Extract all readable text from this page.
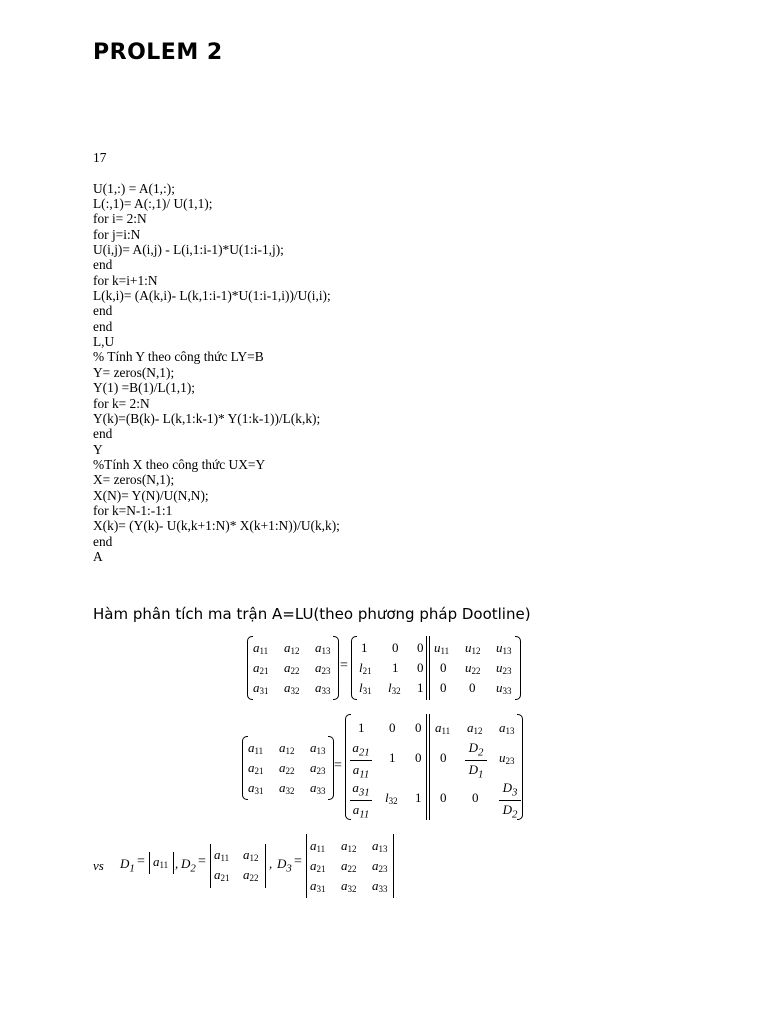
PROLEM 2
17
U(1,:) = A(1,:);
L(:,1)= A(:,1)/ U(1,1);
for i= 2:N
for j=i:N
U(i,j)= A(i,j) - L(i,1:i-1)*U(1:i-1,j);
end
for k=i+1:N
L(k,i)= (A(k,i)- L(k,1:i-1)*U(1:i-1,i))/U(i,i);
end
end
L,U
% Tính Y theo công thức LY=B
Y= zeros(N,1);
Y(1) =B(1)/L(1,1);
for k= 2:N
Y(k)=(B(k)- L(k,1:k-1)* Y(1:k-1))/L(k,k);
end
Y
%Tính X theo công thức UX=Y
X= zeros(N,1);
X(N)= Y(N)/U(N,N);
for k=N-1:-1:1
X(k)= (Y(k)- U(k,k+1:N)* X(k+1:N))/U(k,k);
end
A
Hàm phân tích ma trận A=LU(theo phương pháp Dootline)
$a_{11}$ $a_{12}$ $a_{13}$
$a_{21}$ $a_{22}$ $a_{23}$
$a_{31}$ $a_{32}$ $a_{33}$
=
1 0 0
$l_{21}$ 1 0
$l_{31}$ $l_{32}$ 1
$u_{11}$ $u_{12}$ $u_{13}$
0 $u_{22}$ $u_{23}$
0 0 $u_{33}$
$a_{11}$ $a_{12}$ $a_{13}$
$a_{21}$ $a_{22}$ $a_{23}$
$a_{31}$ $a_{32}$ $a_{33}$
=
1 0 0
$a_{21}$
$a_{11}$
1 0
$a_{31}$
$a_{11}$
$l_{32}$ 1
$a_{11}$ $a_{12}$ $a_{13}$
0
$D_2$
$D_1$
$u_{23}$
0 0
$D_3$
$D_2$
vs $D_1 = a_{11}$ , $D_2 = a_{11}$ $a_{12}$
$a_{21}$ $a_{22}$
, $D_3$ =
$a_{11}$ $a_{12}$ $a_{13}$
$a_{21}$ $a_{22}$ $a_{23}$
$a_{31}$ $a_{32}$ $a_{33}$
